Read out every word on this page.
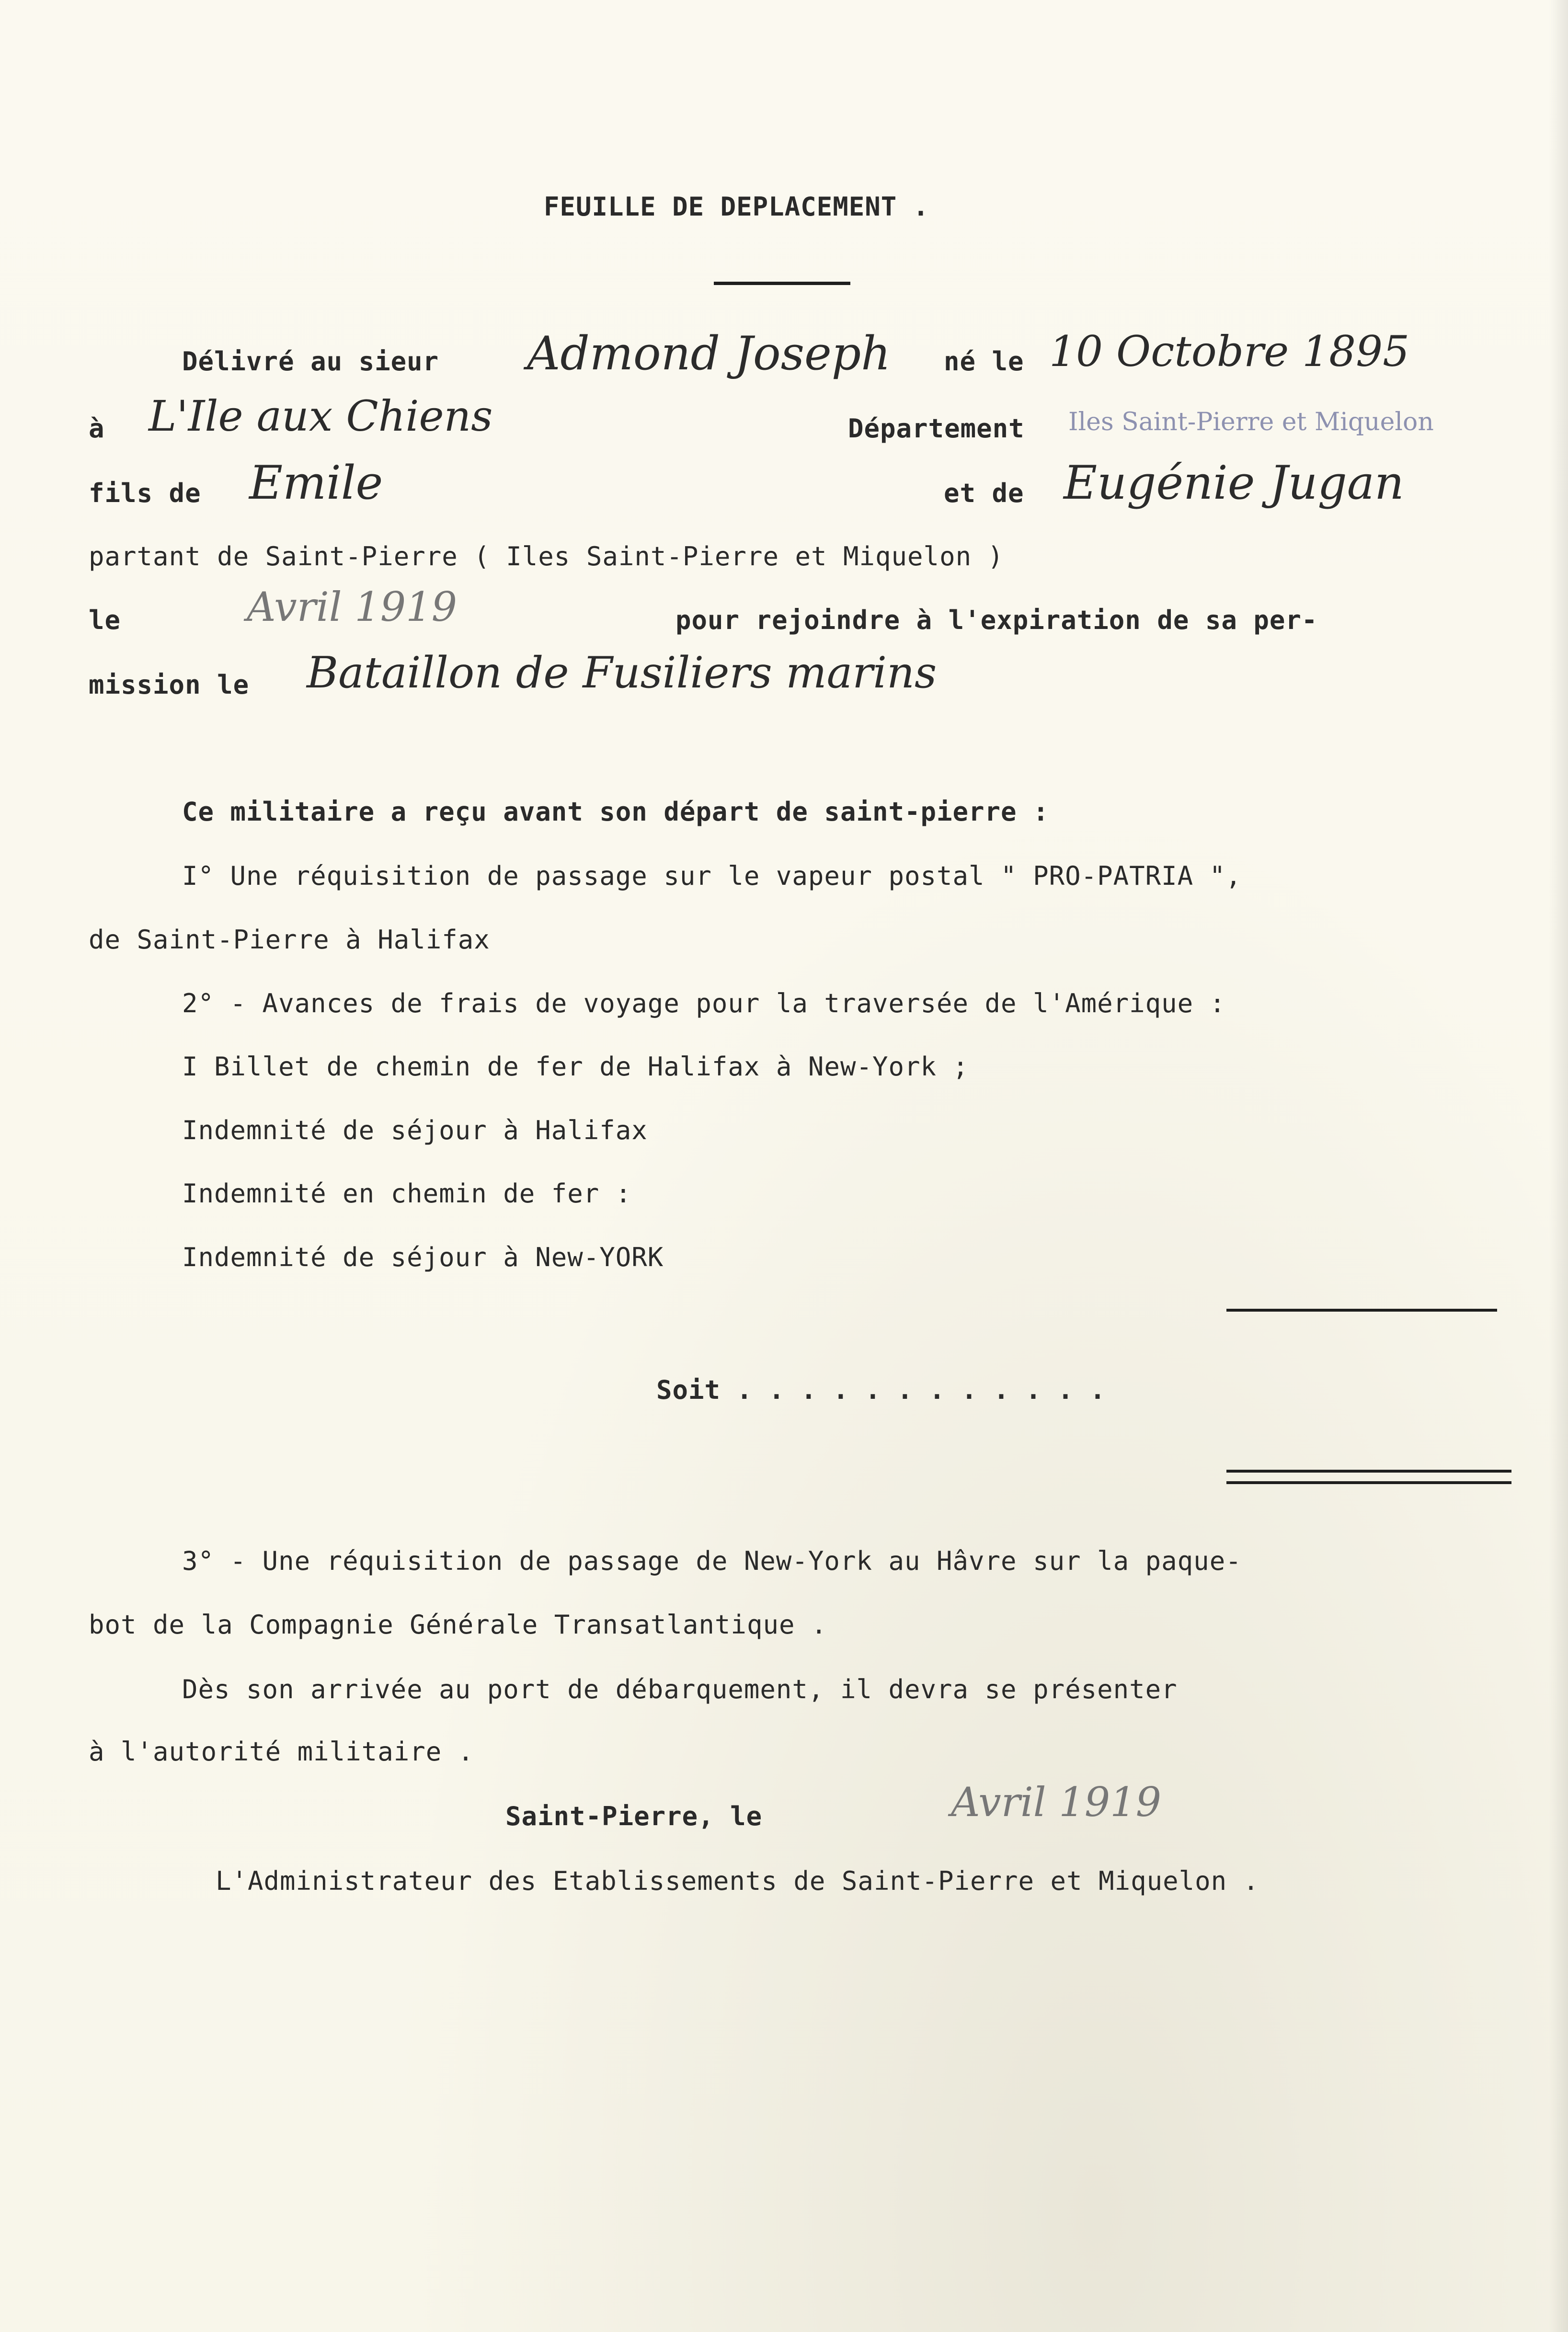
FEUILLE DE DEPLACEMENT .
Délivré au sieur Admond Joseph né le 10 Octobre 1895
à L'Ile aux Chiens	Département Iles Saint-Pierre et Miquelon
fils de Emile	et de Eugénie Jugan
partant de Saint-Pierre ( Iles Saint-Pierre et Miquelon )
le	Avril 1919	pour rejoindre à l'expiration de sa per-
mission le Bataillon de Fusiliers marins
Ce militaire a reçu avant son départ de saint-pierre :
I° Une réquisition de passage sur le vapeur postal " PRO-PATRIA ",
de Saint-Pierre à Halifax
2° - Avances de frais de voyage pour la traversée de l'Amérique :
I Billet de chemin de fer de Halifax à New-York ;
Indemnité de séjour à Halifax
Indemnité en chemin de fer :
Indemnité de séjour à New-YORK
Soit . . . . . . . . . . . .
3° - Une réquisition de passage de New-York au Hâvre sur la paque-
bot de la Compagnie Générale Transatlantique .
Dès son arrivée au port de débarquement, il devra se présenter
à l'autorité militaire .
Saint-Pierre, le	Avril 1919
L'Administrateur des Etablissements de Saint-Pierre et Miquelon .
